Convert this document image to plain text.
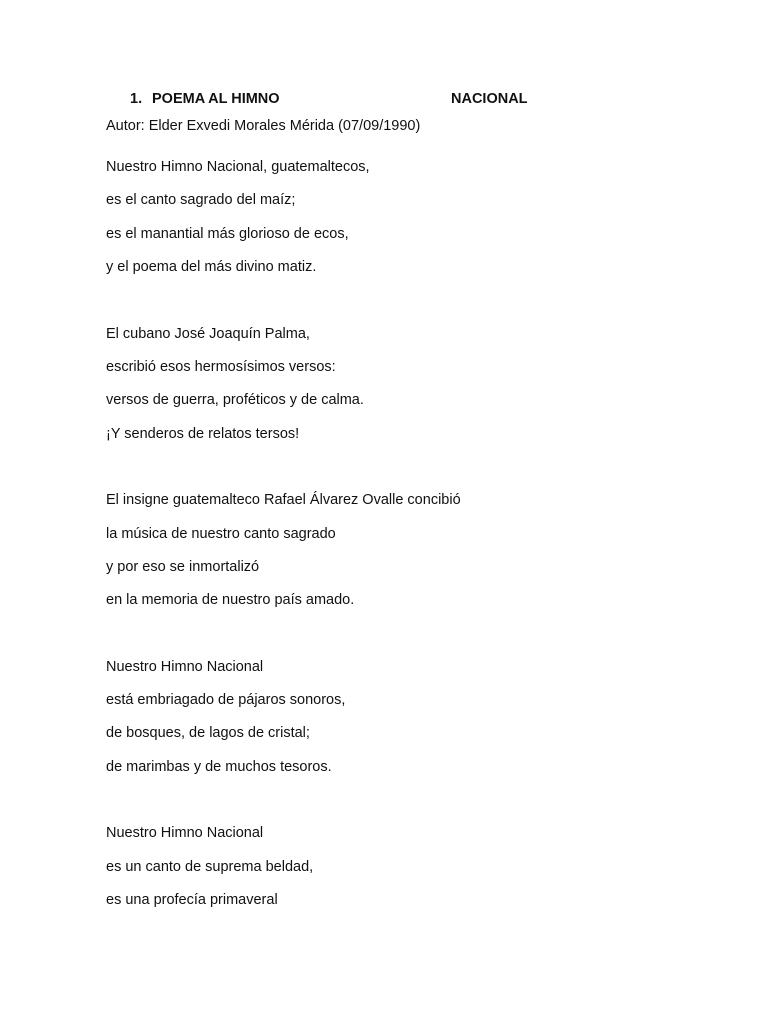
1. POEMA AL HIMNO	NACIONAL
Autor: Elder Exvedi Morales Mérida (07/09/1990)
Nuestro Himno Nacional, guatemaltecos,
es el canto sagrado del maíz;
es el manantial más glorioso de ecos,
y el poema del más divino matiz.
El cubano José Joaquín Palma,
escribió esos hermosísimos versos:
versos de guerra, proféticos y de calma.
¡Y senderos de relatos tersos!
El insigne guatemalteco Rafael Álvarez Ovalle concibió
la música de nuestro canto sagrado
y por eso se inmortalizó
en la memoria de nuestro país amado.
Nuestro Himno Nacional
está embriagado de pájaros sonoros,
de bosques, de lagos de cristal;
de marimbas y de muchos tesoros.
Nuestro Himno Nacional
es un canto de suprema beldad,
es una profecía primaveral
